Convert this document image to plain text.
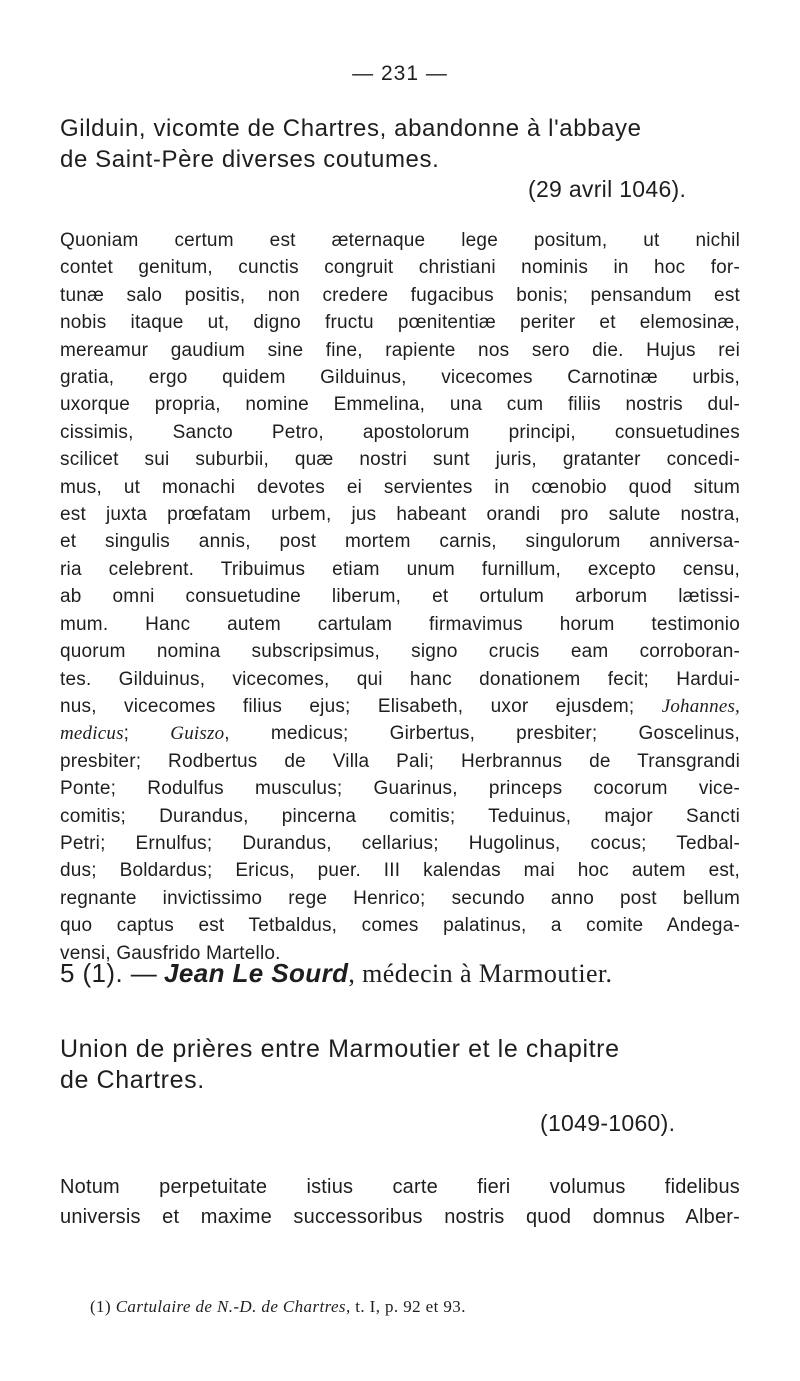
— 231 —
Gilduin, vicomte de Chartres, abandonne à l'abbaye
de Saint-Père diverses coutumes.
(29 avril 1046).
Quoniam certum est æternaque lege positum, ut nichil
contet genitum, cunctis congruit christiani nominis in hoc for-
tunæ salo positis, non credere fugacibus bonis; pensandum est
nobis itaque ut, digno fructu pœnitentiæ periter et elemosinæ,
mereamur gaudium sine fine, rapiente nos sero die. Hujus rei
gratia, ergo quidem Gilduinus, vicecomes Carnotinæ urbis,
uxorque propria, nomine Emmelina, una cum filiis nostris dul-
cissimis, Sancto Petro, apostolorum principi, consuetudines
scilicet sui suburbii, quæ nostri sunt juris, gratanter concedi-
mus, ut monachi devotes ei servientes in cœnobio quod situm
est juxta prœfatam urbem, jus habeant orandi pro salute nostra,
et singulis annis, post mortem carnis, singulorum anniversa-
ria celebrent. Tribuimus etiam unum furnillum, excepto censu,
ab omni consuetudine liberum, et ortulum arborum lætissi-
mum. Hanc autem cartulam firmavimus horum testimonio
quorum nomina subscripsimus, signo crucis eam corroboran-
tes. Gilduinus, vicecomes, qui hanc donationem fecit; Hardui-
nus, vicecomes filius ejus; Elisabeth, uxor ejusdem; Johannes,
medicus; Guiszo, medicus; Girbertus, presbiter; Goscelinus,
presbiter; Rodbertus de Villa Pali; Herbrannus de Transgrandi
Ponte; Rodulfus musculus; Guarinus, princeps cocorum vice-
comitis; Durandus, pincerna comitis; Teduinus, major Sancti
Petri; Ernulfus; Durandus, cellarius; Hugolinus, cocus; Tedbal-
dus; Boldardus; Ericus, puer. III kalendas mai hoc autem est,
regnante invictissimo rege Henrico; secundo anno post bellum
quo captus est Tetbaldus, comes palatinus, a comite Andega-
vensi, Gausfrido Martello.
5 (1). — Jean Le Sourd, médecin à Marmoutier.
Union de prières entre Marmoutier et le chapitre
de Chartres.
(1049-1060).
Notum perpetuitate istius carte fieri volumus fidelibus
universis et maxime successoribus nostris quod domnus Alber-
(1) Cartulaire de N.-D. de Chartres, t. I, p. 92 et 93.
